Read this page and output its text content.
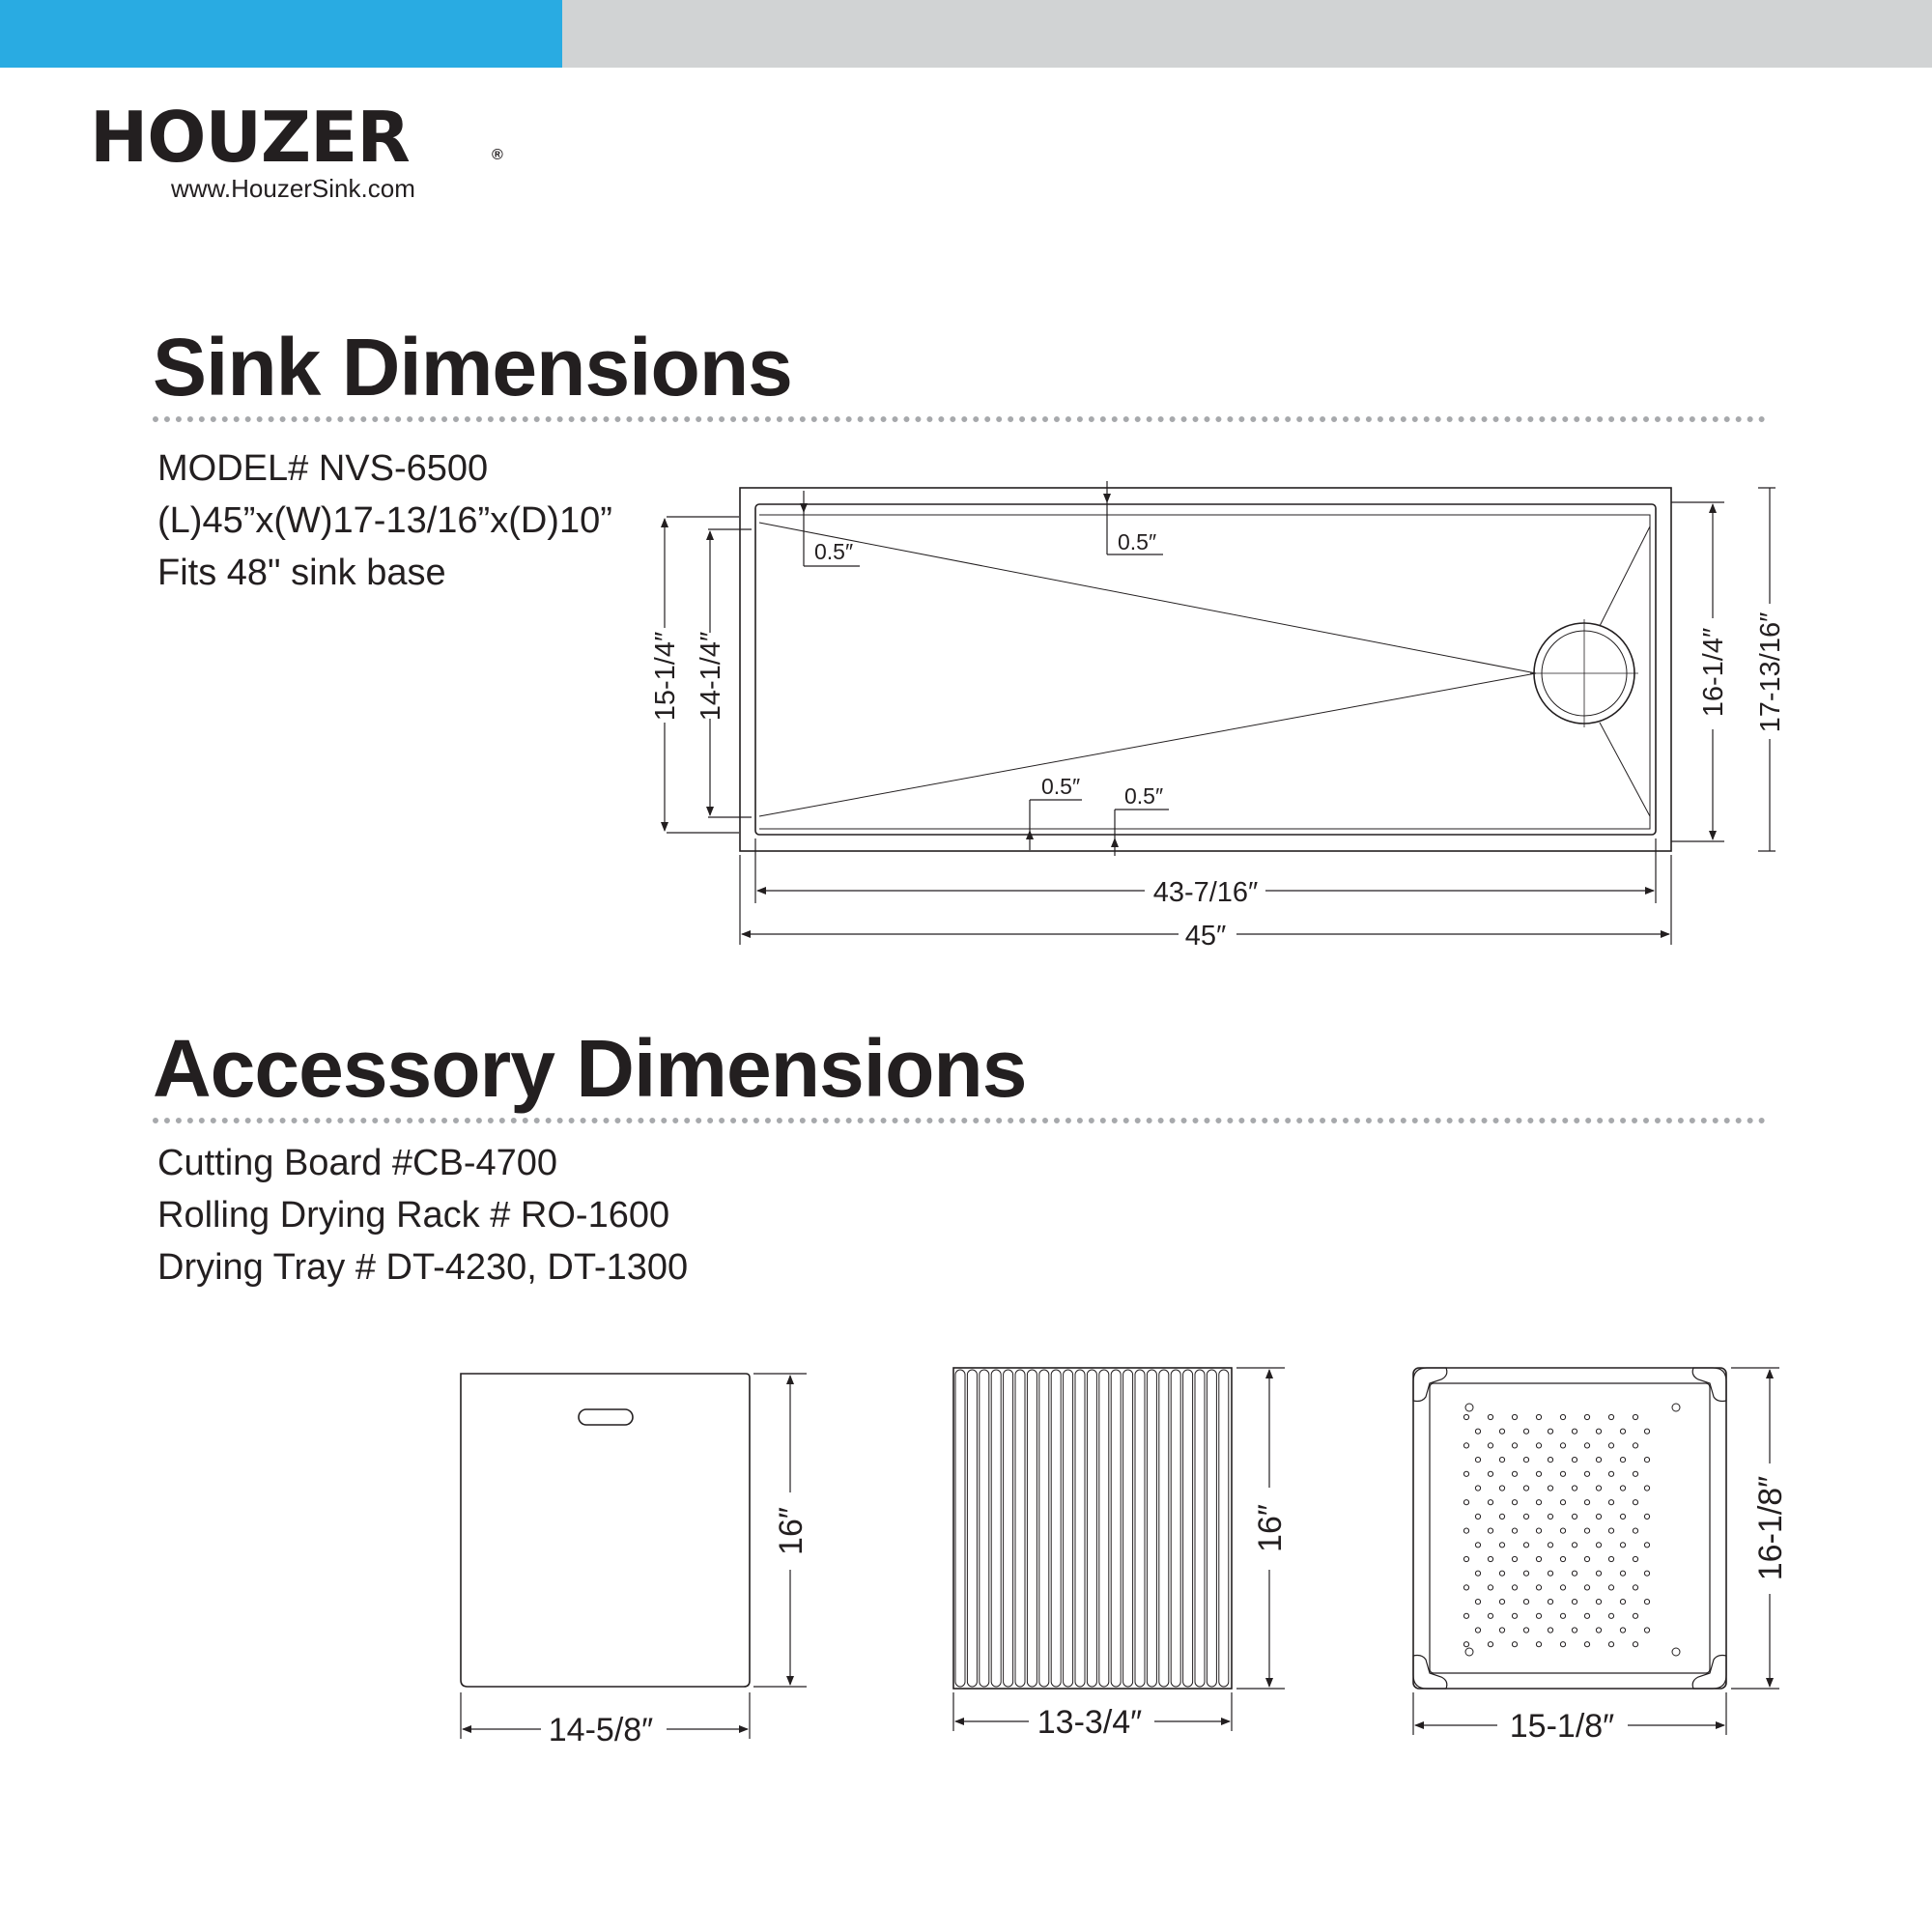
HOUZER	®
www.HouzerSink.com
Sink Dimensions
MODEL# NVS-6500
(L)45”x(W)17-13/16”x(D)10”
Fits 48" sink base
Accessory Dimensions
Cutting Board #CB-4700
Rolling Drying Rack # RO-1600
Drying Tray # DT-4230, DT-1300
0.5″	0.5″
0.5″ 0.5″
15-1/4″ 14-1/4″	16-1/4″ 17-13/16″
43-7/16″
45″
16″
14-5/8″
16″
13-3/4″
16-1/8″
15-1/8″
